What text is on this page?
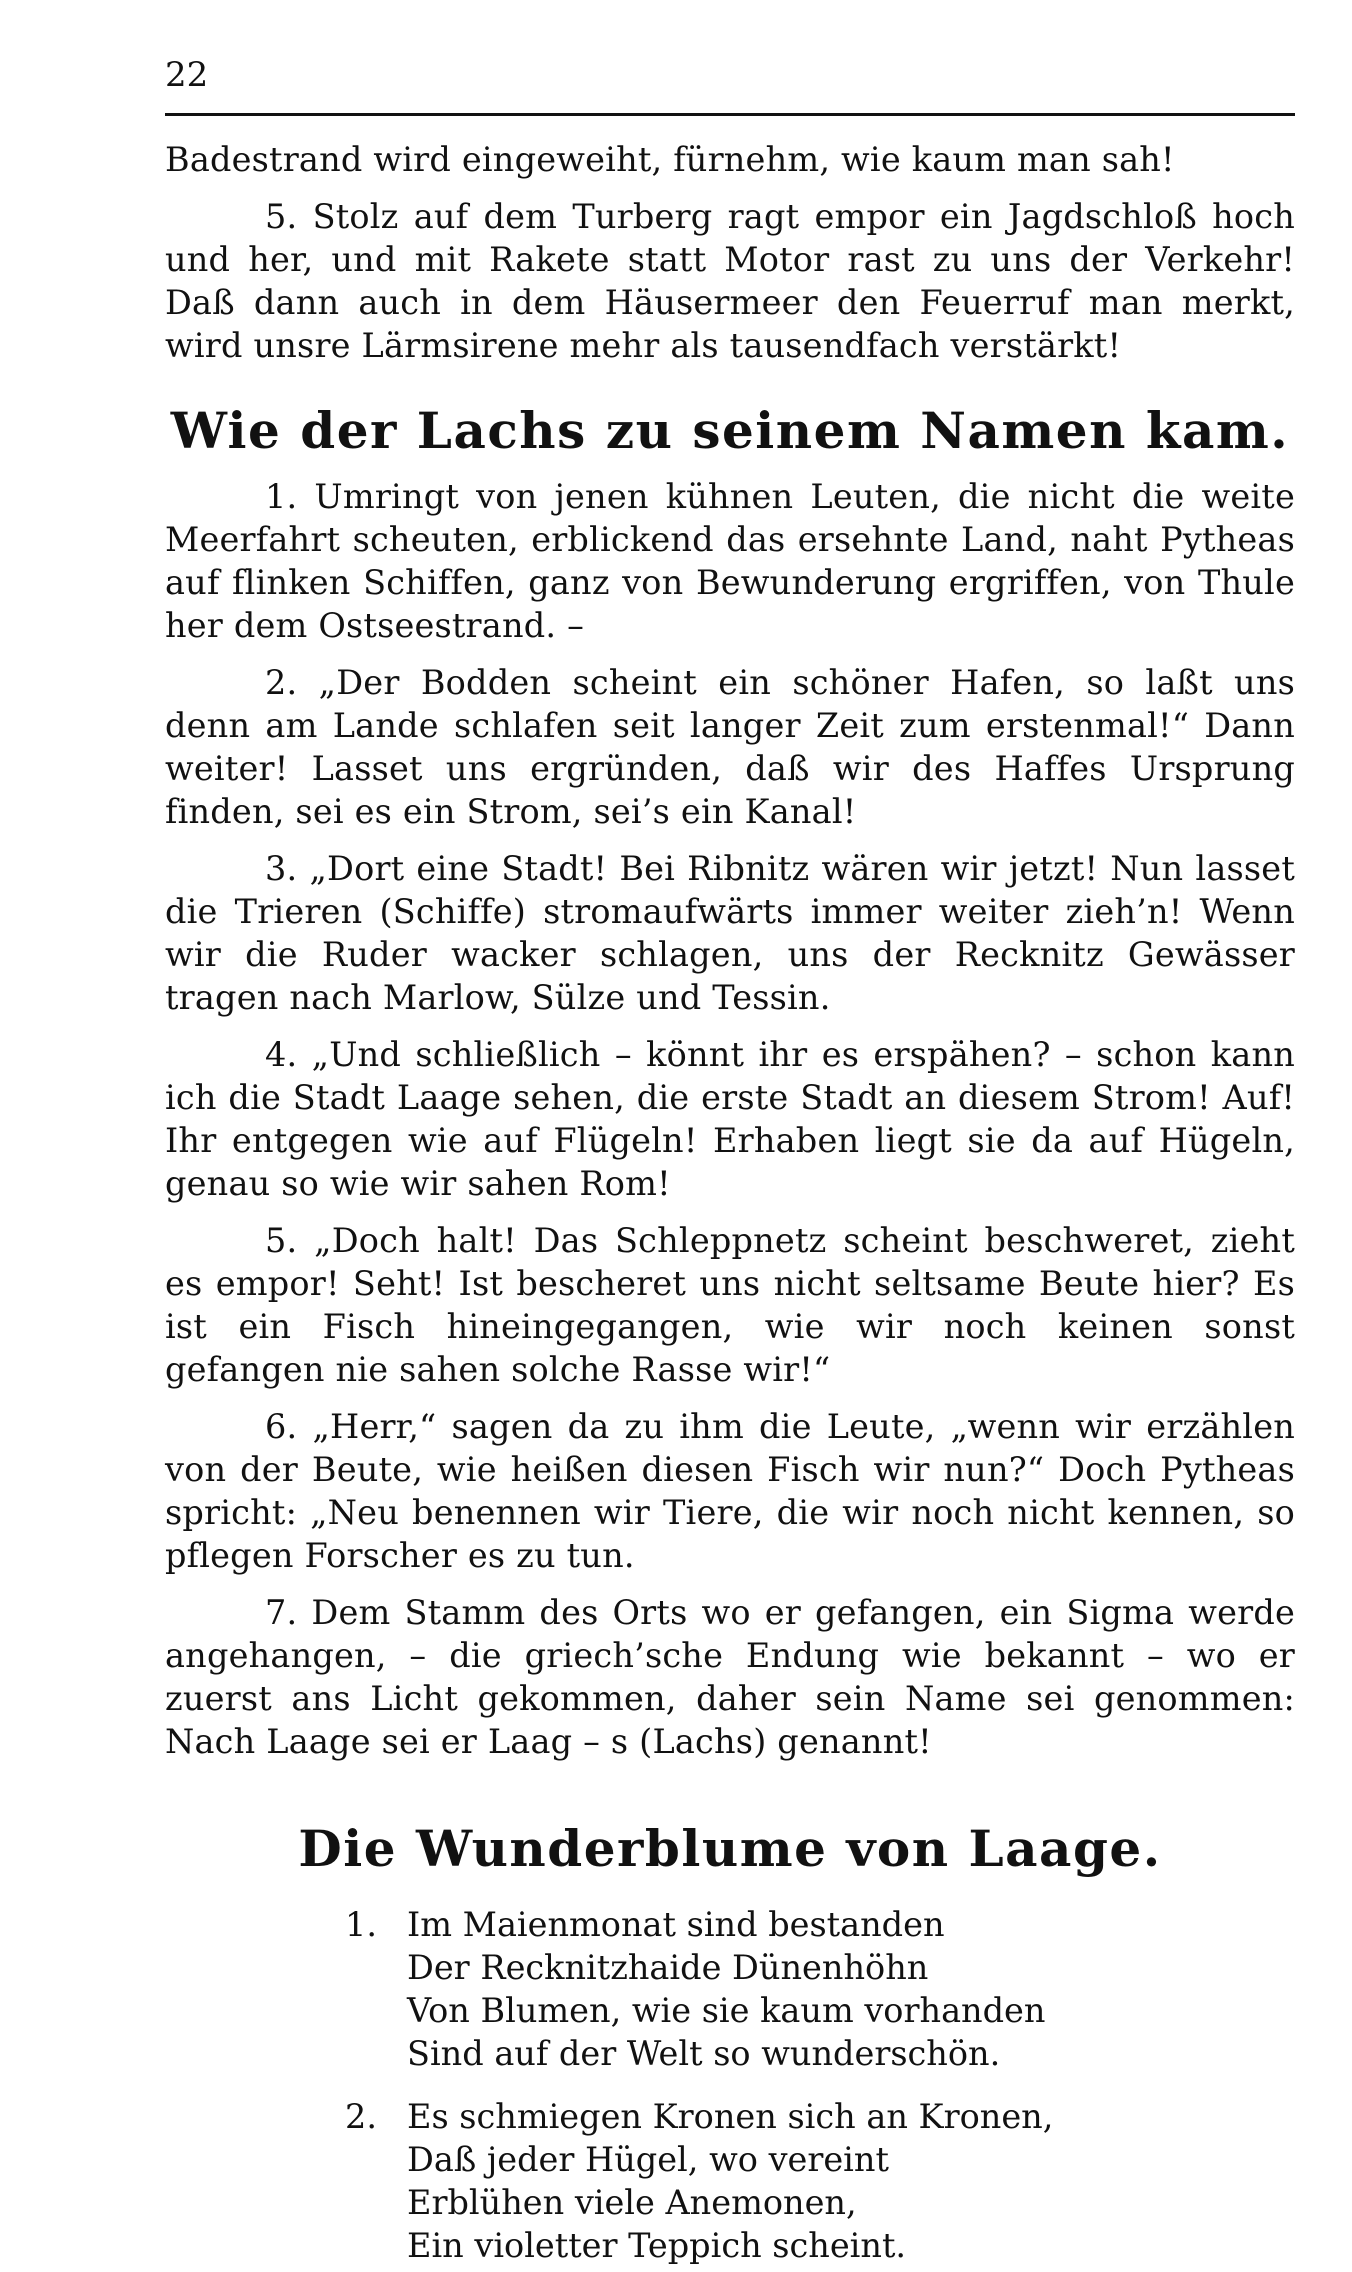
22

Badestrand wird eingeweiht, fürnehm, wie kaum man sah!

5. Stolz auf dem Turberg ragt empor ein Jagdschloß hoch und her, und mit Rakete statt Motor rast zu uns der Verkehr! Daß dann auch in dem Häusermeer den Feuerruf man merkt, wird unsre Lärmsirene mehr als tausendfach verstärkt!

Wie der Lachs zu seinem Namen kam.

1. Umringt von jenen kühnen Leuten, die nicht die weite Meerfahrt scheuten, erblickend das ersehnte Land, naht Pytheas auf flinken Schiffen, ganz von Bewunderung ergriffen, von Thule her dem Ostseestrand. –

2. „Der Bodden scheint ein schöner Hafen, so laßt uns denn am Lande schlafen seit langer Zeit zum erstenmal!“ Dann weiter! Lasset uns ergründen, daß wir des Haffes Ursprung finden, sei es ein Strom, sei’s ein Kanal!

3. „Dort eine Stadt! Bei Ribnitz wären wir jetzt! Nun lasset die Trieren (Schiffe) stromaufwärts immer weiter zieh’n! Wenn wir die Ruder wacker schlagen, uns der Recknitz Gewässer tragen nach Marlow, Sülze und Tessin.

4. „Und schließlich – könnt ihr es erspähen? – schon kann ich die Stadt Laage sehen, die erste Stadt an diesem Strom! Auf! Ihr entgegen wie auf Flügeln! Erhaben liegt sie da auf Hügeln, genau so wie wir sahen Rom!

5. „Doch halt! Das Schleppnetz scheint beschweret, zieht es empor! Seht! Ist bescheret uns nicht seltsame Beute hier? Es ist ein Fisch hineingegangen, wie wir noch keinen sonst gefangen nie sahen solche Rasse wir!“

6. „Herr,“ sagen da zu ihm die Leute, „wenn wir erzählen von der Beute, wie heißen diesen Fisch wir nun?“ Doch Pytheas spricht: „Neu benennen wir Tiere, die wir noch nicht kennen, so pflegen Forscher es zu tun.

7. Dem Stamm des Orts wo er gefangen, ein Sigma werde angehangen, – die griech’sche Endung wie bekannt – wo er zuerst ans Licht gekommen, daher sein Name sei genommen: Nach Laage sei er Laag – s (Lachs) genannt!

Die Wunderblume von Laage.
1. Im Maienmonat sind bestanden
Der Recknitzhaide Dünenhöhn
Von Blumen, wie sie kaum vorhanden
Sind auf der Welt so wunderschön.
2. Es schmiegen Kronen sich an Kronen,
Daß jeder Hügel, wo vereint
Erblühen viele Anemonen,
Ein violetter Teppich scheint.
